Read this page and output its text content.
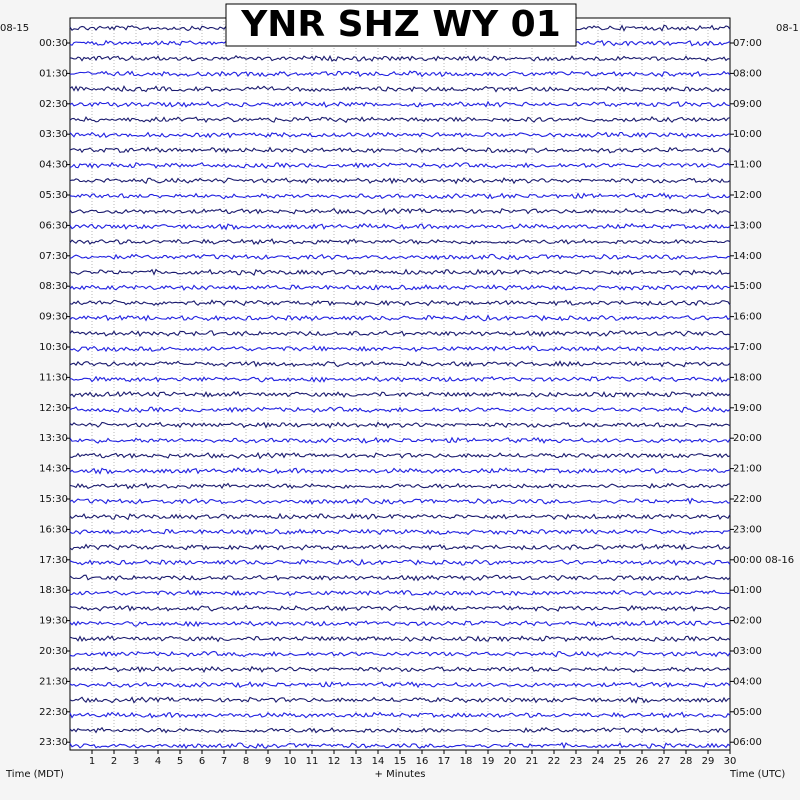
1 2 3 4 5 6 7 8 9 10 11 12 13 14 15 16 17 18 19 20 21 22 23 24 25 26 27 28 29 30
00:30
01:30
02:30
03:30
04:30
05:30
06:30
07:30
08:30
09:30
10:30
11:30
12:30
13:30
14:30
15:30
16:30
17:30
18:30
19:30
20:30
21:30
22:30
23:30
07:00
08:00
09:00
10:00
11:00
12:00
13:00
14:00
15:00
16:00
17:00
18:00
19:00
20:00
21:00
22:00
23:00
00:00 08-16
01:00
02:00
03:00
04:00
05:00
06:00
08-15	08-1
YNR SHZ WY 01
Time (MDT)	+ Minutes	Time (UTC)
